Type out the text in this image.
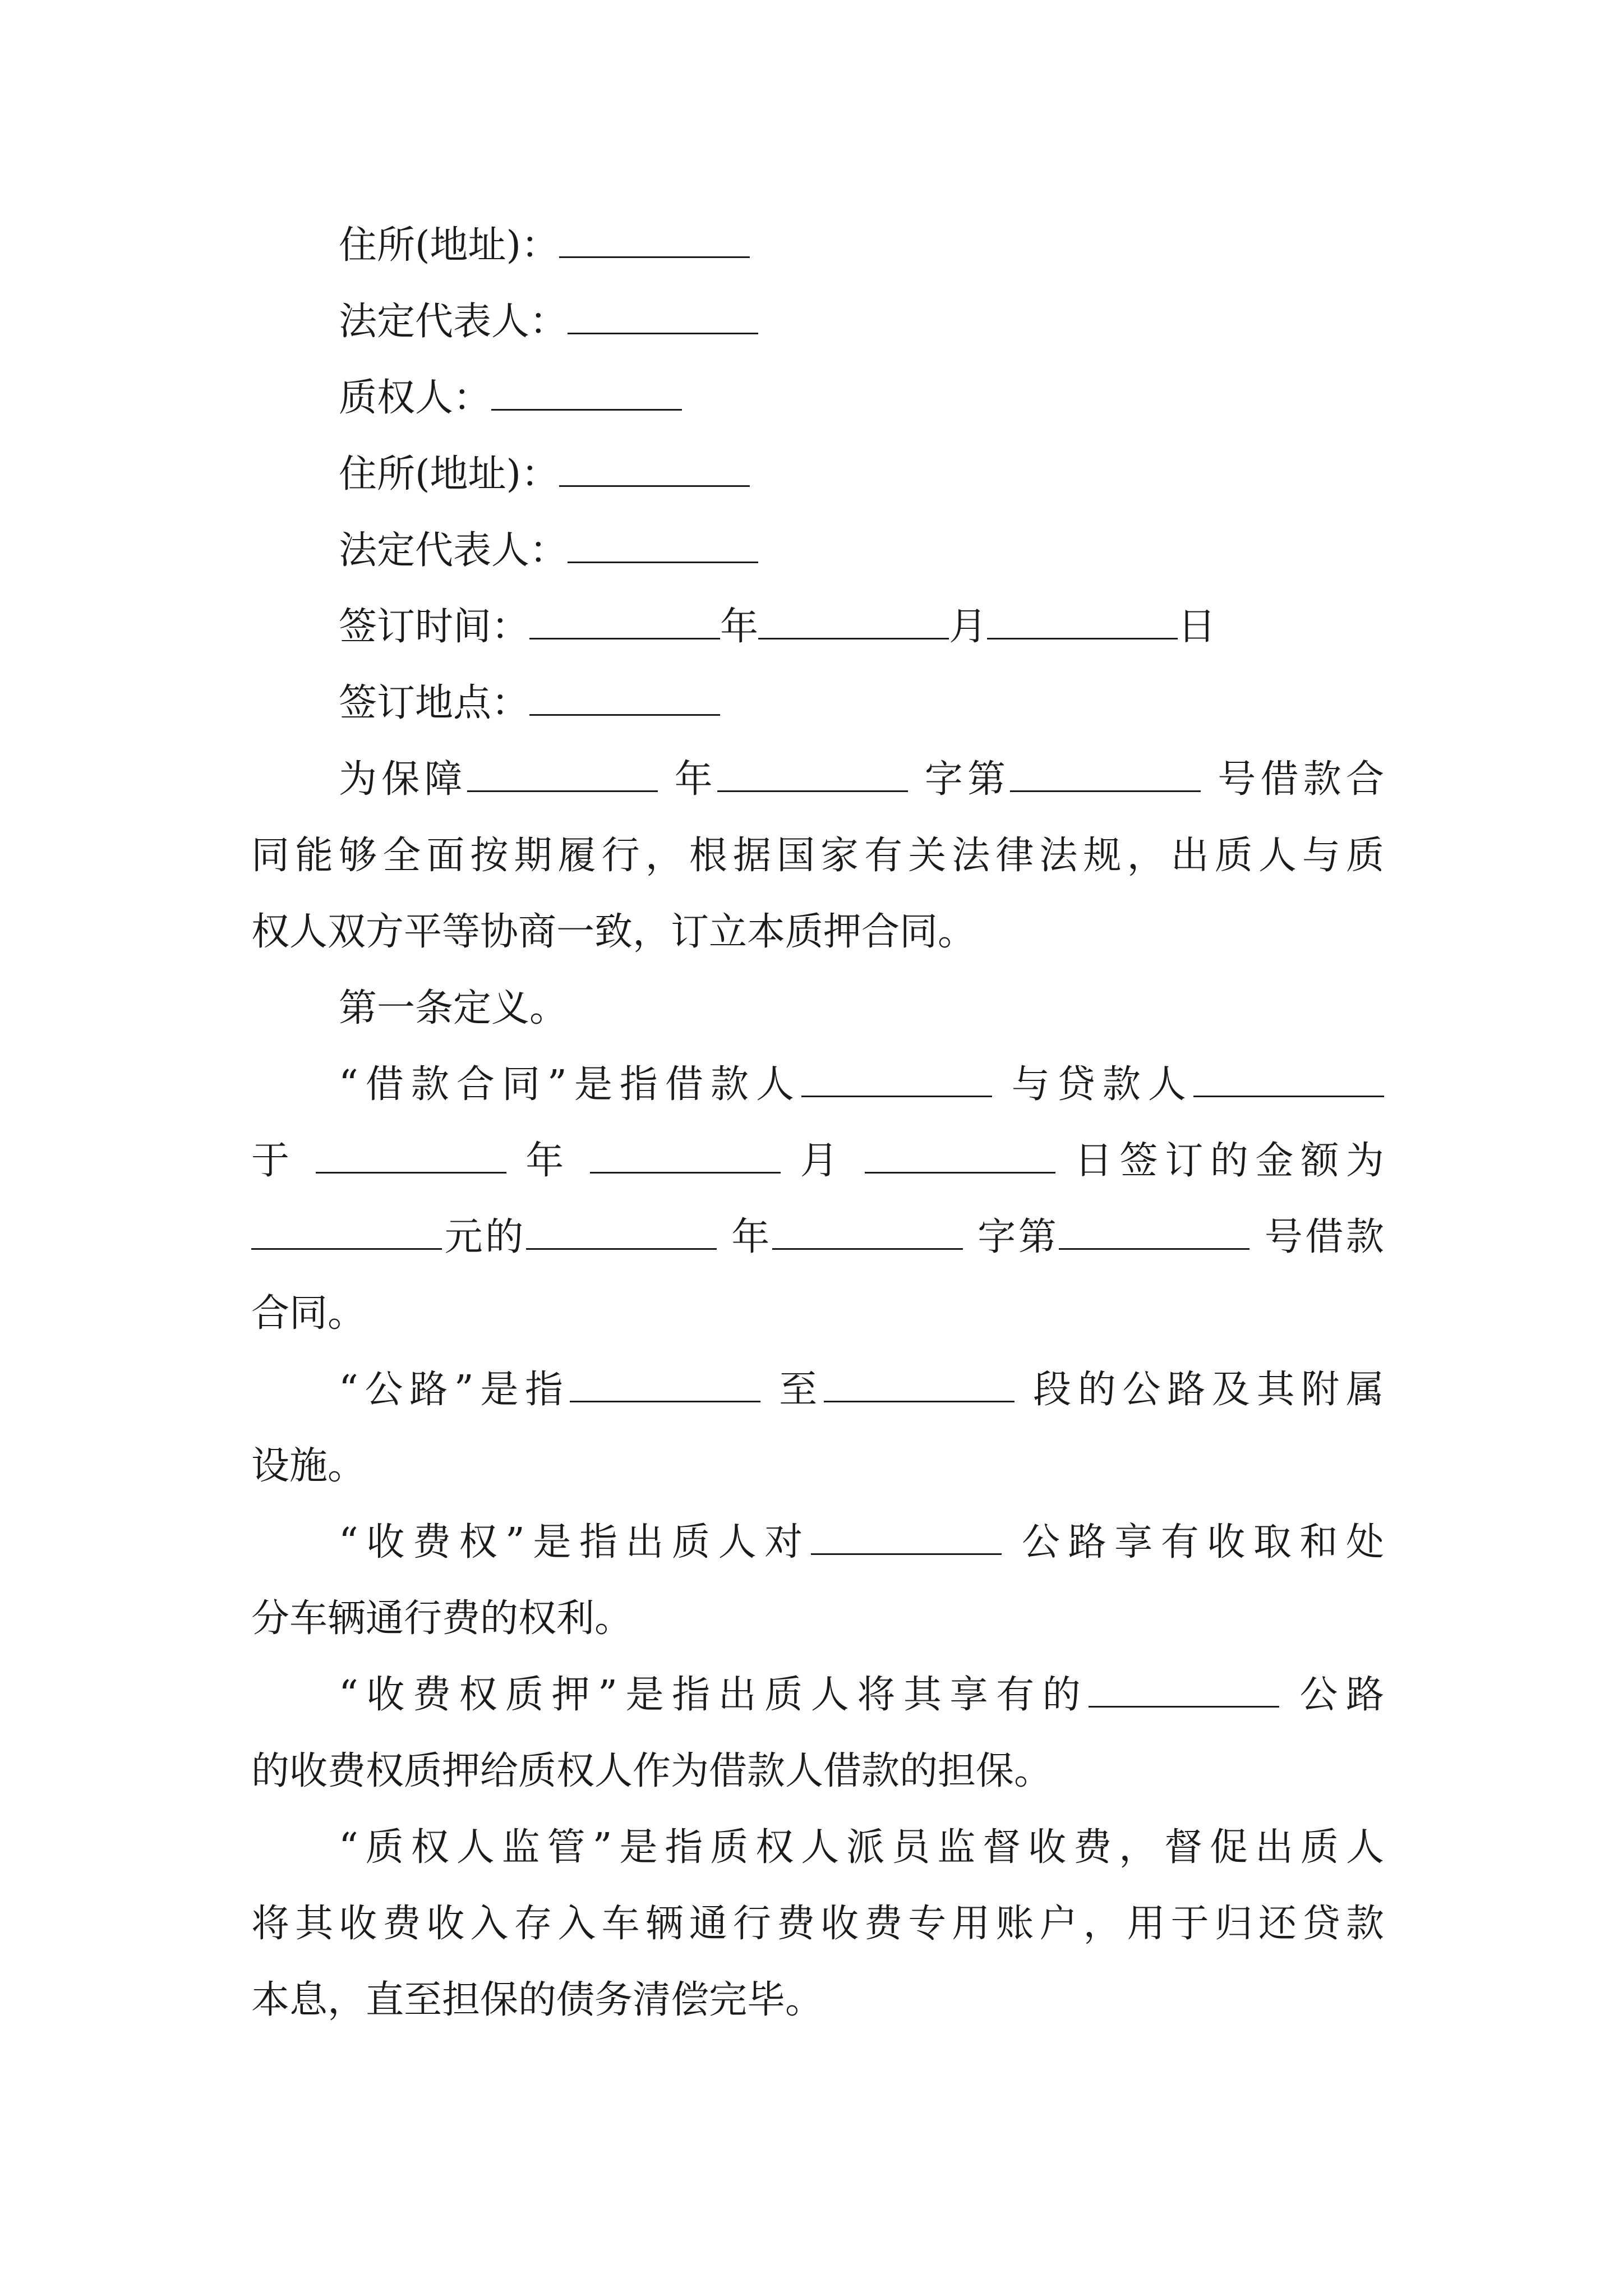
住所(地址)：
法定代表人：
质权人：
住所(地址)：
法定代表人：
签订时间：	年	月	日
签订地点：
为保障	年	字第	号借款合
同能够全面按期履行，根据国家有关法律法规，出质人与质
权人双方平等协商一致，订立本质押合同。
第一条定义。
“借款合同”是指借款人	与贷款人
于	年	月	日签订的金额为
元的	年	字第	号借款
合同。
“公路”是指	至	段的公路及其附属
设施。
“收费权”是指出质人对	公路享有收取和处
分车辆通行费的权利。
“收费权质押”是指出质人将其享有的	公路
的收费权质押给质权人作为借款人借款的担保。
“质权人监管”是指质权人派员监督收费，督促出质人
将其收费收入存入车辆通行费收费专用账户，用于归还贷款
本息，直至担保的债务清偿完毕。
